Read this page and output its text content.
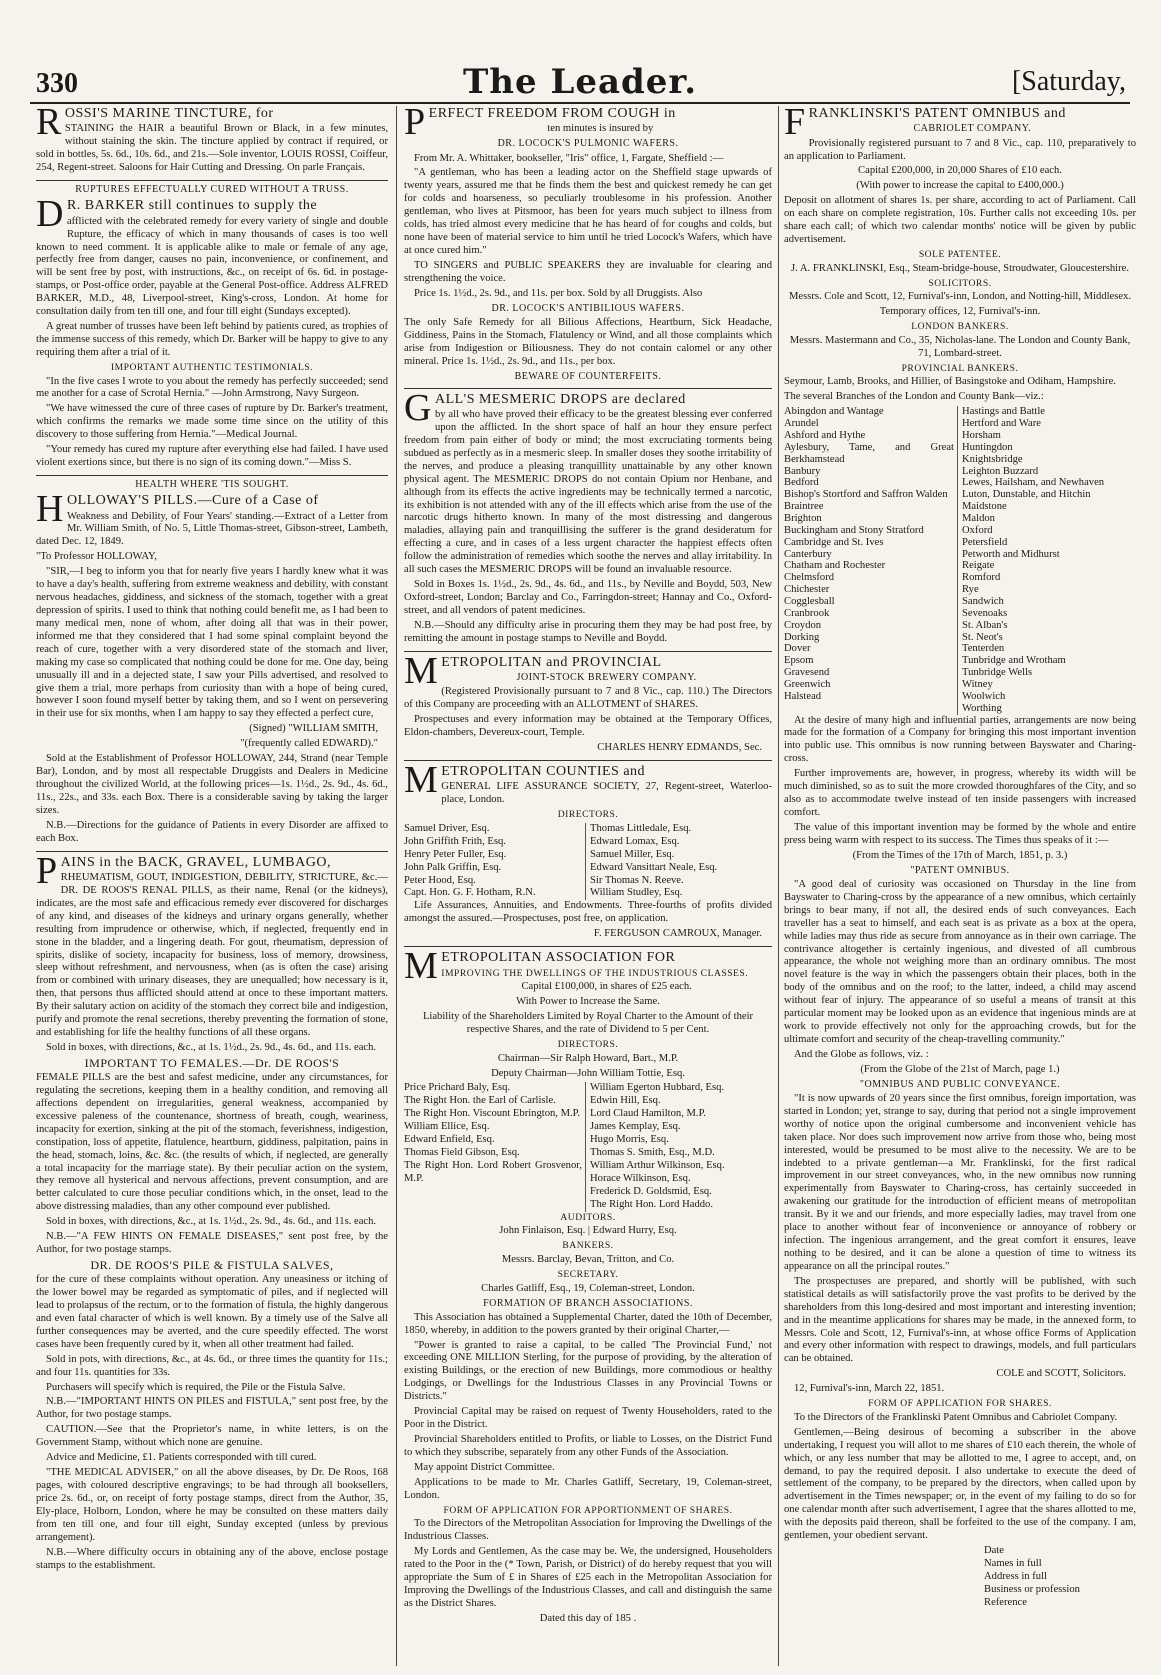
330	The Leader.	[Saturday,
ROSSI'S MARINE TINCTURE, for

STAINING the HAIR a beautiful Brown or Black, in a few minutes, without staining the skin. The tincture applied by contract if required, or sold in bottles, 5s. 6d., 10s. 6d., and 21s.—Sole inventor, LOUIS ROSSI, Coiffeur, 254, Regent-street. Saloons for Hair Cutting and Dressing. On parle Français.

RUPTURES EFFECTUALLY CURED WITHOUT A TRUSS.

D R. BARKER still continues to supply the

afflicted with the celebrated remedy for every variety of single and double Rupture, the efficacy of which in many thousands of cases is too well known to need comment. It is applicable alike to male or female of any age, perfectly free from danger, causes no pain, inconvenience, or confinement, and will be sent free by post, with instructions, &c., on receipt of 6s. 6d. in postage-stamps, or Post-office order, payable at the General Post-office. Address ALFRED BARKER, M.D., 48, Liverpool-street, King's-cross, London. At home for consultation daily from ten till one, and four till eight (Sundays excepted).

A great number of trusses have been left behind by patients cured, as trophies of the immense success of this remedy, which Dr. Barker will be happy to give to any requiring them after a trial of it.

IMPORTANT AUTHENTIC TESTIMONIALS.

"In the five cases I wrote to you about the remedy has perfectly succeeded; send me another for a case of Scrotal Hernia." —John Armstrong, Navy Surgeon.

"We have witnessed the cure of three cases of rupture by Dr. Barker's treatment, which confirms the remarks we made some time since on the utility of this discovery to those suffering from Hernia."—Medical Journal.

"Your remedy has cured my rupture after everything else had failed. I have used violent exertions since, but there is no sign of its coming down."—Miss S.

HEALTH WHERE 'TIS SOUGHT.

HOLLOWAY'S PILLS.—Cure of a Case of

Weakness and Debility, of Four Years' standing.—Extract of a Letter from Mr. William Smith, of No. 5, Little Thomas-street, Gibson-street, Lambeth, dated Dec. 12, 1849.

"To Professor HOLLOWAY,

"SIR,—I beg to inform you that for nearly five years I hardly knew what it was to have a day's health, suffering from extreme weakness and debility, with constant nervous headaches, giddiness, and sickness of the stomach, together with a great depression of spirits. I used to think that nothing could benefit me, as I had been to many medical men, none of whom, after doing all that was in their power, informed me that they considered that I had some spinal complaint beyond the reach of cure, together with a very disordered state of the stomach and liver, making my case so complicated that nothing could be done for me. One day, being unusually ill and in a dejected state, I saw your Pills advertised, and resolved to give them a trial, more perhaps from curiosity than with a hope of being cured, however I soon found myself better by taking them, and so I went on persevering in their use for six months, when I am happy to say they effected a perfect cure,

(Signed) "WILLIAM SMITH,

"(frequently called EDWARD)."

Sold at the Establishment of Professor HOLLOWAY, 244, Strand (near Temple Bar), London, and by most all respectable Druggists and Dealers in Medicine throughout the civilized World, at the following prices—1s. 1½d., 2s. 9d., 4s. 6d., 11s., 22s., and 33s. each Box. There is a considerable saving by taking the larger sizes.

N.B.—Directions for the guidance of Patients in every Disorder are affixed to each Box.

PAINS in the BACK, GRAVEL, LUMBAGO,

RHEUMATISM, GOUT, INDIGESTION, DEBILITY, STRICTURE, &c.—DR. DE ROOS'S RENAL PILLS, as their name, Renal (or the kidneys), indicates, are the most safe and efficacious remedy ever discovered for discharges of any kind, and diseases of the kidneys and urinary organs generally, whether resulting from imprudence or otherwise, which, if neglected, frequently end in stone in the bladder, and a lingering death. For gout, rheumatism, depression of spirits, dislike of society, incapacity for business, loss of memory, drowsiness, sleep without refreshment, and nervousness, when (as is often the case) arising from or combined with urinary diseases, they are unequalled; how necessary is it, then, that persons thus afflicted should attend at once to these important matters. By their salutary action on acidity of the stomach they correct bile and indigestion, purify and promote the renal secretions, thereby preventing the formation of stone, and establishing for life the healthy functions of all these organs.

Sold in boxes, with directions, &c., at 1s. 1½d., 2s. 9d., 4s. 6d., and 11s. each.

IMPORTANT TO FEMALES.—Dr. DE ROOS'S

FEMALE PILLS are the best and safest medicine, under any circumstances, for regulating the secretions, keeping them in a healthy condition, and removing all affections dependent on irregularities, general weakness, accompanied by excessive paleness of the countenance, shortness of breath, cough, weariness, incapacity for exertion, sinking at the pit of the stomach, feverishness, indigestion, constipation, loss of appetite, flatulence, heartburn, giddiness, palpitation, pains in the head, stomach, loins, &c. &c. (the results of which, if neglected, are generally a total incapacity for the marriage state). By their peculiar action on the system, they remove all hysterical and nervous affections, prevent consumption, and are better calculated to cure those peculiar conditions which, in the onset, lead to the above distressing maladies, than any other compound ever published.

Sold in boxes, with directions, &c., at 1s. 1½d., 2s. 9d., 4s. 6d., and 11s. each.

N.B.—"A FEW HINTS ON FEMALE DISEASES," sent post free, by the Author, for two postage stamps.

DR. DE ROOS'S PILE & FISTULA SALVES,

for the cure of these complaints without operation. Any uneasiness or itching of the lower bowel may be regarded as symptomatic of piles, and if neglected will lead to prolapsus of the rectum, or to the formation of fistula, the highly dangerous and even fatal character of which is well known. By a timely use of the Salve all further consequences may be averted, and the cure speedily effected. The worst cases have been frequently cured by it, when all other treatment had failed.

Sold in pots, with directions, &c., at 4s. 6d., or three times the quantity for 11s.; and four 11s. quantities for 33s.

Purchasers will specify which is required, the Pile or the Fistula Salve.

N.B.—"IMPORTANT HINTS ON PILES and FISTULA," sent post free, by the Author, for two postage stamps.

CAUTION.—See that the Proprietor's name, in white letters, is on the Government Stamp, without which none are genuine.

Advice and Medicine, £1. Patients corresponded with till cured.

"THE MEDICAL ADVISER," on all the above diseases, by Dr. De Roos, 168 pages, with coloured descriptive engravings; to be had through all booksellers, price 2s. 6d., or, on receipt of forty postage stamps, direct from the Author, 35, Ely-place, Holborn, London, where he may be consulted on these matters daily from ten till one, and four till eight, Sunday excepted (unless by previous arrangement).

N.B.—Where difficulty occurs in obtaining any of the above, enclose postage stamps to the establishment.

PERFECT FREEDOM FROM COUGH in

ten minutes is insured by

DR. LOCOCK'S PULMONIC WAFERS.

From Mr. A. Whittaker, bookseller, "Iris" office, 1, Fargate, Sheffield :—

"A gentleman, who has been a leading actor on the Sheffield stage upwards of twenty years, assured me that he finds them the best and quickest remedy he can get for colds and hoarseness, so peculiarly troublesome in his profession. Another gentleman, who lives at Pitsmoor, has been for years much subject to illness from colds, has tried almost every medicine that he has heard of for coughs and colds, but none have been of material service to him until he tried Locock's Wafers, which have at once cured him."

TO SINGERS and PUBLIC SPEAKERS they are invaluable for clearing and strengthening the voice.

Price 1s. 1½d., 2s. 9d., and 11s. per box. Sold by all Druggists. Also

DR. LOCOCK'S ANTIBILIOUS WAFERS.

The only Safe Remedy for all Bilious Affections, Heartburn, Sick Headache, Giddiness, Pains in the Stomach, Flatulency or Wind, and all those complaints which arise from Indigestion or Biliousness. They do not contain calomel or any other mineral. Price 1s. 1½d., 2s. 9d., and 11s., per box.

BEWARE OF COUNTERFEITS.

GALL'S MESMERIC DROPS are declared

by all who have proved their efficacy to be the greatest blessing ever conferred upon the afflicted. In the short space of half an hour they ensure perfect freedom from pain either of body or mind; the most excruciating torments being subdued as perfectly as in a mesmeric sleep. In smaller doses they soothe irritability of the nerves, and produce a pleasing tranquillity unattainable by any other known physical agent. The MESMERIC DROPS do not contain Opium nor Henbane, and although from its effects the active ingredients may be technically termed a narcotic, its exhibition is not attended with any of the ill effects which arise from the use of the narcotic drugs hitherto known. In many of the most distressing and dangerous maladies, allaying pain and tranquillising the sufferer is the grand desideratum for effecting a cure, and in cases of a less urgent character the happiest effects often follow the administration of remedies which soothe the nerves and allay irritability. In all such cases the MESMERIC DROPS will be found an invaluable resource.

Sold in Boxes 1s. 1½d., 2s. 9d., 4s. 6d., and 11s., by Neville and Boydd, 503, New Oxford-street, London; Barclay and Co., Farringdon-street; Hannay and Co., Oxford-street, and all vendors of patent medicines.

N.B.—Should any difficulty arise in procuring them they may be had post free, by remitting the amount in postage stamps to Neville and Boydd.

METROPOLITAN and PROVINCIAL

JOINT-STOCK BREWERY COMPANY.

(Registered Provisionally pursuant to 7 and 8 Vic., cap. 110.) The Directors of this Company are proceeding with an ALLOTMENT of SHARES.

Prospectuses and every information may be obtained at the Temporary Offices, Eldon-chambers, Devereux-court, Temple.

CHARLES HENRY EDMANDS, Sec.

METROPOLITAN COUNTIES and

GENERAL LIFE ASSURANCE SOCIETY, 27, Regent-street, Waterloo-place, London.

DIRECTORS.

Samuel Driver, Esq.
John Griffith Frith, Esq.
Henry Peter Fuller, Esq.
John Palk Griffin, Esq.
Peter Hood, Esq.
Capt. Hon. G. F. Hotham, R.N.
Thomas Littledale, Esq.
Edward Lomax, Esq.
Samuel Miller, Esq.
Edward Vansittart Neale, Esq.
Sir Thomas N. Reeve.
William Studley, Esq.

Life Assurances, Annuities, and Endowments. Three-fourths of profits divided amongst the assured.—Prospectuses, post free, on application.

F. FERGUSON CAMROUX, Manager.

METROPOLITAN ASSOCIATION FOR

IMPROVING THE DWELLINGS OF THE INDUSTRIOUS CLASSES.

Capital £100,000, in shares of £25 each.

With Power to Increase the Same.

Liability of the Shareholders Limited by Royal Charter to the Amount of their respective Shares, and the rate of Dividend to 5 per Cent.

DIRECTORS.

Chairman—Sir Ralph Howard, Bart., M.P.

Deputy Chairman—John William Tottie, Esq.

Price Prichard Baly, Esq.
The Right Hon. the Earl of Carlisle.
The Right Hon. Viscount Ebrington, M.P.
William Ellice, Esq.
Edward Enfield, Esq.
Thomas Field Gibson, Esq.
The Right Hon. Lord Robert Grosvenor, M.P.
William Egerton Hubbard, Esq.
Edwin Hill, Esq.
Lord Claud Hamilton, M.P.
James Kemplay, Esq.
Hugo Morris, Esq.
Thomas S. Smith, Esq., M.D.
William Arthur Wilkinson, Esq.
Horace Wilkinson, Esq.
Frederick D. Goldsmid, Esq.
The Right Hon. Lord Haddo.

AUDITORS.

John Finlaison, Esq. | Edward Hurry, Esq.

BANKERS.

Messrs. Barclay, Bevan, Tritton, and Co.

SECRETARY.

Charles Gatliff, Esq., 19, Coleman-street, London.

FORMATION OF BRANCH ASSOCIATIONS.

This Association has obtained a Supplemental Charter, dated the 10th of December, 1850, whereby, in addition to the powers granted by their original Charter,—

"Power is granted to raise a capital, to be called 'The Provincial Fund,' not exceeding ONE MILLION Sterling, for the purpose of providing, by the alteration of existing Buildings, or the erection of new Buildings, more commodious or healthy Lodgings, or Dwellings for the Industrious Classes in any Provincial Towns or Districts."

Provincial Capital may be raised on request of Twenty Householders, rated to the Poor in the District.

Provincial Shareholders entitled to Profits, or liable to Losses, on the District Fund to which they subscribe, separately from any other Funds of the Association.

May appoint District Committee.

Applications to be made to Mr. Charles Gatliff, Secretary, 19, Coleman-street, London.

FORM OF APPLICATION FOR APPORTIONMENT OF SHARES.

To the Directors of the Metropolitan Association for Improving the Dwellings of the Industrious Classes.

My Lords and Gentlemen, As the case may be. We, the undersigned, Householders rated to the Poor in the (* Town, Parish, or District) of do hereby request that you will appropriate the Sum of £ in Shares of £25 each in the Metropolitan Association for Improving the Dwellings of the Industrious Classes, and call and distinguish the same as the District Shares.

Dated this day of 185 .

FRANKLINSKI'S PATENT OMNIBUS and

CABRIOLET COMPANY.

Provisionally registered pursuant to 7 and 8 Vic., cap. 110, preparatively to an application to Parliament.

Capital £200,000, in 20,000 Shares of £10 each.

(With power to increase the capital to £400,000.)

Deposit on allotment of shares 1s. per share, according to act of Parliament. Call on each share on complete registration, 10s. Further calls not exceeding 10s. per share each call; of which two calendar months' notice will be given by public advertisement.

SOLE PATENTEE.

J. A. FRANKLINSKI, Esq., Steam-bridge-house, Stroudwater, Gloucestershire.

SOLICITORS.

Messrs. Cole and Scott, 12, Furnival's-inn, London, and Notting-hill, Middlesex.

Temporary offices, 12, Furnival's-inn.

LONDON BANKERS.

Messrs. Mastermann and Co., 35, Nicholas-lane. The London and County Bank, 71, Lombard-street.

PROVINCIAL BANKERS.

Seymour, Lamb, Brooks, and Hillier, of Basingstoke and Odiham, Hampshire.

The several Branches of the London and County Bank—viz.:

Abingdon and Wantage
Arundel
Ashford and Hythe
Aylesbury, Tame, and Great Berkhamstead
Banbury
Bedford
Bishop's Stortford and Saffron Walden
Braintree
Brighton
Buckingham and Stony Stratford
Cambridge and St. Ives
Canterbury
Chatham and Rochester
Chelmsford
Chichester
Cogglesball
Cranbrook
Croydon
Dorking
Dover
Epsom
Gravesend
Greenwich
Halstead
Hastings and Battle
Hertford and Ware
Horsham
Huntingdon
Knightsbridge
Leighton Buzzard
Lewes, Hailsham, and Newhaven
Luton, Dunstable, and Hitchin
Maidstone
Maldon
Oxford
Petersfield
Petworth and Midhurst
Reigate
Romford
Rye
Sandwich
Sevenoaks
St. Alban's
St. Neot's
Tenterden
Tunbridge and Wrotham
Tunbridge Wells
Witney
Woolwich
Worthing

At the desire of many high and influential parties, arrangements are now being made for the formation of a Company for bringing this most important invention into public use. This omnibus is now running between Bayswater and Charing-cross.

Further improvements are, however, in progress, whereby its width will be much diminished, so as to suit the more crowded thoroughfares of the City, and so also as to accommodate twelve instead of ten inside passengers with increased comfort.

The value of this important invention may be formed by the whole and entire press being warm with respect to its success. The Times thus speaks of it :—

(From the Times of the 17th of March, 1851, p. 3.)

"PATENT OMNIBUS.

"A good deal of curiosity was occasioned on Thursday in the line from Bayswater to Charing-cross by the appearance of a new omnibus, which certainly brings to bear many, if not all, the desired ends of such conveyances. Each traveller has a seat to himself, and each seat is as private as a box at the opera, while ladies may thus ride as secure from annoyance as in their own carriage. The contrivance altogether is certainly ingenious, and divested of all cumbrous appearance, the whole not weighing more than an ordinary omnibus. The most novel feature is the way in which the passengers obtain their places, both in the body of the omnibus and on the roof; to the latter, indeed, a child may ascend without fear of injury. The appearance of so useful a means of transit at this particular moment may be looked upon as an evidence that ingenious minds are at work to provide effectively not only for the approaching crowds, but for the ultimate comfort and security of the cheap-travelling community."

And the Globe as follows, viz. :

(From the Globe of the 21st of March, page 1.)

"OMNIBUS AND PUBLIC CONVEYANCE.

"It is now upwards of 20 years since the first omnibus, foreign importation, was started in London; yet, strange to say, during that period not a single improvement worthy of notice upon the original cumbersome and inconvenient vehicle has taken place. Nor does such improvement now arrive from those who, being most interested, would be presumed to be most alive to the necessity. We are to be indebted to a private gentleman—a Mr. Franklinski, for the first radical improvement in our street conveyances, who, in the new omnibus now running experimentally from Bayswater to Charing-cross, has certainly succeeded in awakening our gratitude for the introduction of efficient means of metropolitan transit. By it we and our friends, and more especially ladies, may travel from one place to another without fear of inconvenience or annoyance of robbery or infection. The ingenious arrangement, and the great comfort it ensures, leave nothing to be desired, and it can be alone a question of time to witness its appearance on all the principal routes."

The prospectuses are prepared, and shortly will be published, with such statistical details as will satisfactorily prove the vast profits to be derived by the shareholders from this long-desired and most important and interesting invention; and in the meantime applications for shares may be made, in the annexed form, to Messrs. Cole and Scott, 12, Furnival's-inn, at whose office Forms of Application and every other information with respect to drawings, models, and full particulars can be obtained.

COLE and SCOTT, Solicitors.

12, Furnival's-inn, March 22, 1851.

FORM OF APPLICATION FOR SHARES.

To the Directors of the Franklinski Patent Omnibus and Cabriolet Company.

Gentlemen,—Being desirous of becoming a subscriber in the above undertaking, I request you will allot to me shares of £10 each therein, the whole of which, or any less number that may be allotted to me, I agree to accept, and, on demand, to pay the required deposit. I also undertake to execute the deed of settlement of the company, to be prepared by the directors, when called upon by advertisement in the Times newspaper; or, in the event of my failing to do so for one calendar month after such advertisement, I agree that the shares allotted to me, with the deposits paid thereon, shall be forfeited to the use of the company. I am, gentlemen, your obedient servant.

Date
Names in full
Address in full
Business or profession
Reference
